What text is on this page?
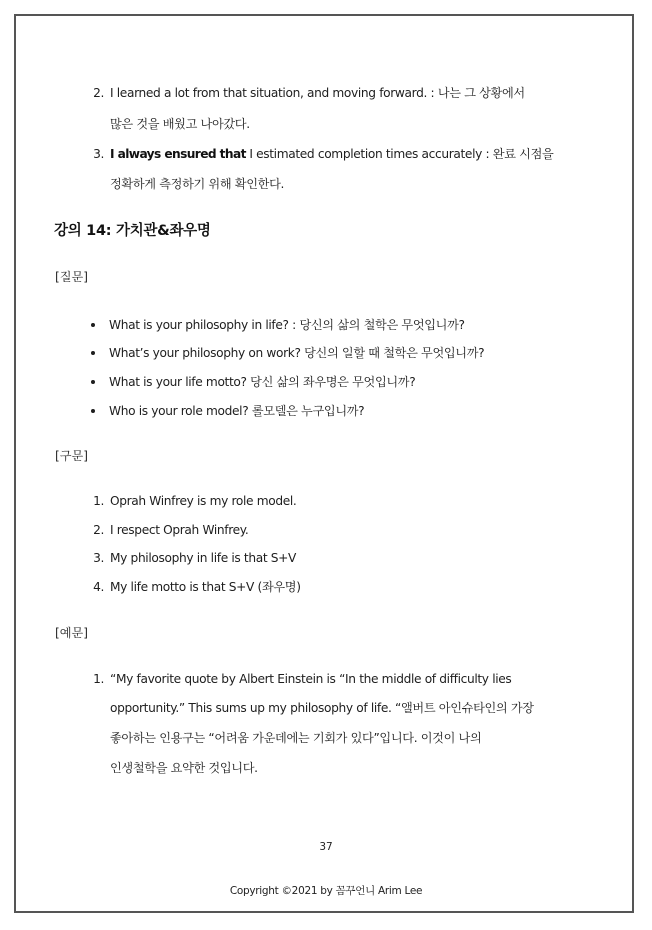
2. I learned a lot from that situation, and moving forward. : 나는 그 상황에서
많은 것을 배웠고 나아갔다.
3. I always ensured that I estimated completion times accurately : 완료 시점을
정확하게 측정하기 위해 확인한다.
강의 14: 가치관&좌우명
[질문]
What is your philosophy in life? : 당신의 삶의 철학은 무엇입니까?
What’s your philosophy on work? 당신의 일할 때 철학은 무엇입니까?
What is your life motto? 당신 삶의 좌우명은 무엇입니까?
Who is your role model? 롤모델은 누구입니까?
[구문]
1. Oprah Winfrey is my role model.
2. I respect Oprah Winfrey.
3. My philosophy in life is that S+V
4. My life motto is that S+V (좌우명)
[예문]
1. “My favorite quote by Albert Einstein is “In the middle of difficulty lies
opportunity.” This sums up my philosophy of life. “앨버트 아인슈타인의 가장
좋아하는 인용구는 “어려움 가운데에는 기회가 있다”입니다. 이것이 나의
인생철학을 요약한 것입니다.
37
Copyright ©2021 by 꼼꾸언니 Arim Lee
